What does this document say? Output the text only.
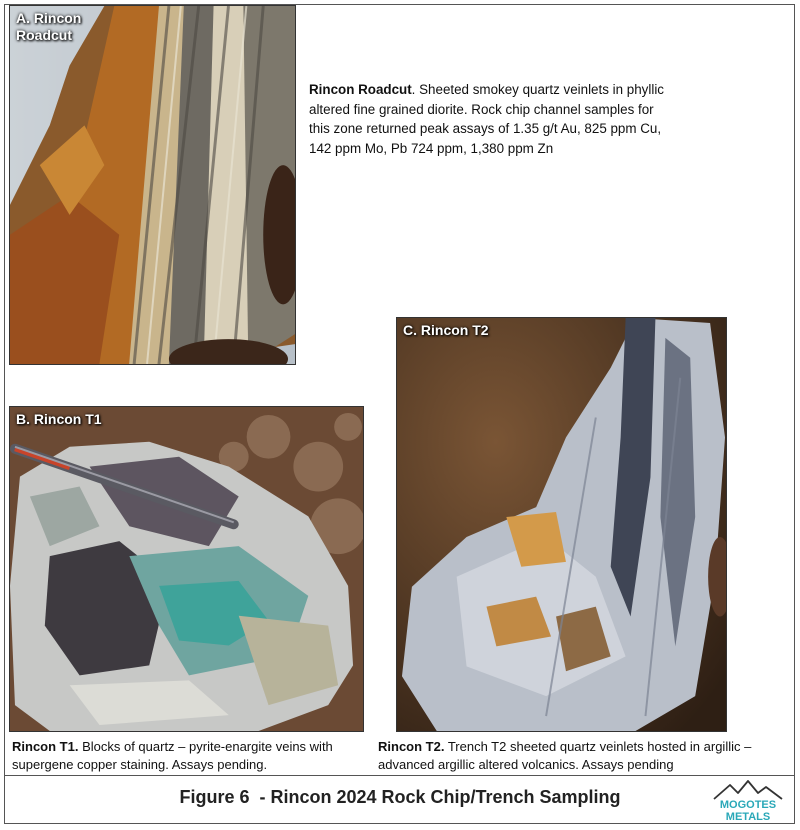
A. Rincon
Roadcut
Rincon Roadcut. Sheeted smokey quartz veinlets in phyllic altered fine grained diorite. Rock chip channel samples for this zone returned peak assays of 1.35 g/t Au, 825 ppm Cu, 142 ppm Mo, Pb 724 ppm, 1,380 ppm Zn
B. Rincon T1
Rincon T1. Blocks of quartz – pyrite-enargite veins with supergene copper staining. Assays pending.
C. Rincon T2
Rincon T2. Trench T2 sheeted quartz veinlets hosted in argillic – advanced argillic altered volcanics. Assays pending
Figure 6  - Rincon 2024 Rock Chip/Trench Sampling	MOGOTES
METALS
